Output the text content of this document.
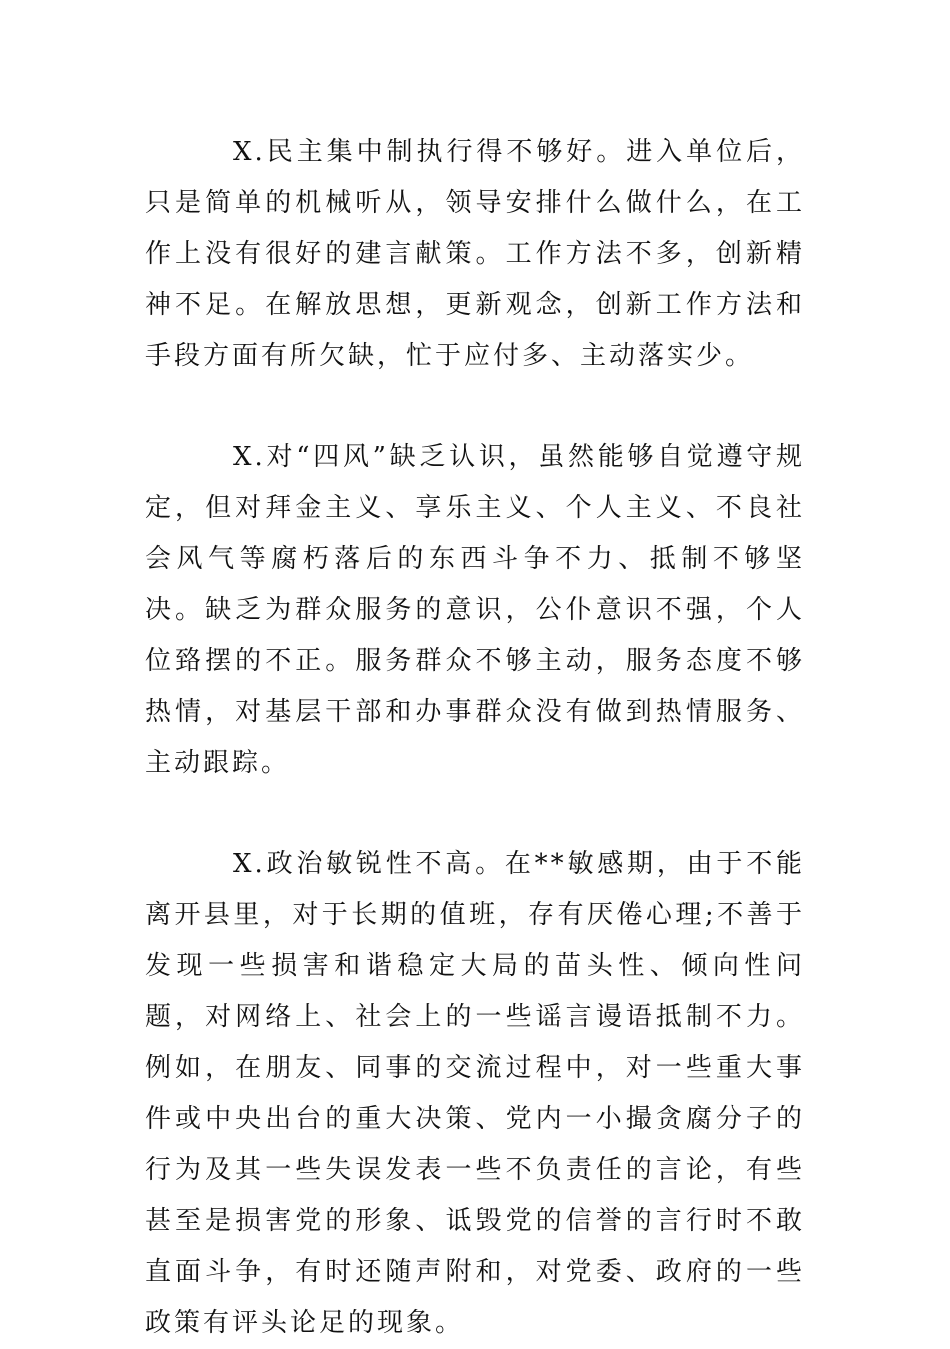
X.民主集中制执行得不够好。进入单位后，只是简单的机械听从，领导安排什么做什么，在工作上没有很好的建言献策。工作方法不多，创新精神不足。在解放思想，更新观念，创新工作方法和手段方面有所欠缺，忙于应付多、主动落实少。

X.对“四风”缺乏认识，虽然能够自觉遵守规定，但对拜金主义、享乐主义、个人主义、不良社会风气等腐朽落后的东西斗争不力、抵制不够坚决。缺乏为群众服务的意识，公仆意识不强，个人位臵摆的不正。服务群众不够主动，服务态度不够热情，对基层干部和办事群众没有做到热情服务、主动跟踪。

X.政治敏锐性不高。在**敏感期，由于不能离开县里，对于长期的值班，存有厌倦心理;不善于发现一些损害和谐稳定大局的苗头性、倾向性问题，对网络上、社会上的一些谣言谩语抵制不力。例如，在朋友、同事的交流过程中，对一些重大事件或中央出台的重大决策、党内一小撮贪腐分子的行为及其一些失误发表一些不负责任的言论，有些甚至是损害党的形象、诋毁党的信誉的言行时不敢直面斗争，有时还随声附和，对党委、政府的一些政策有评头论足的现象。
